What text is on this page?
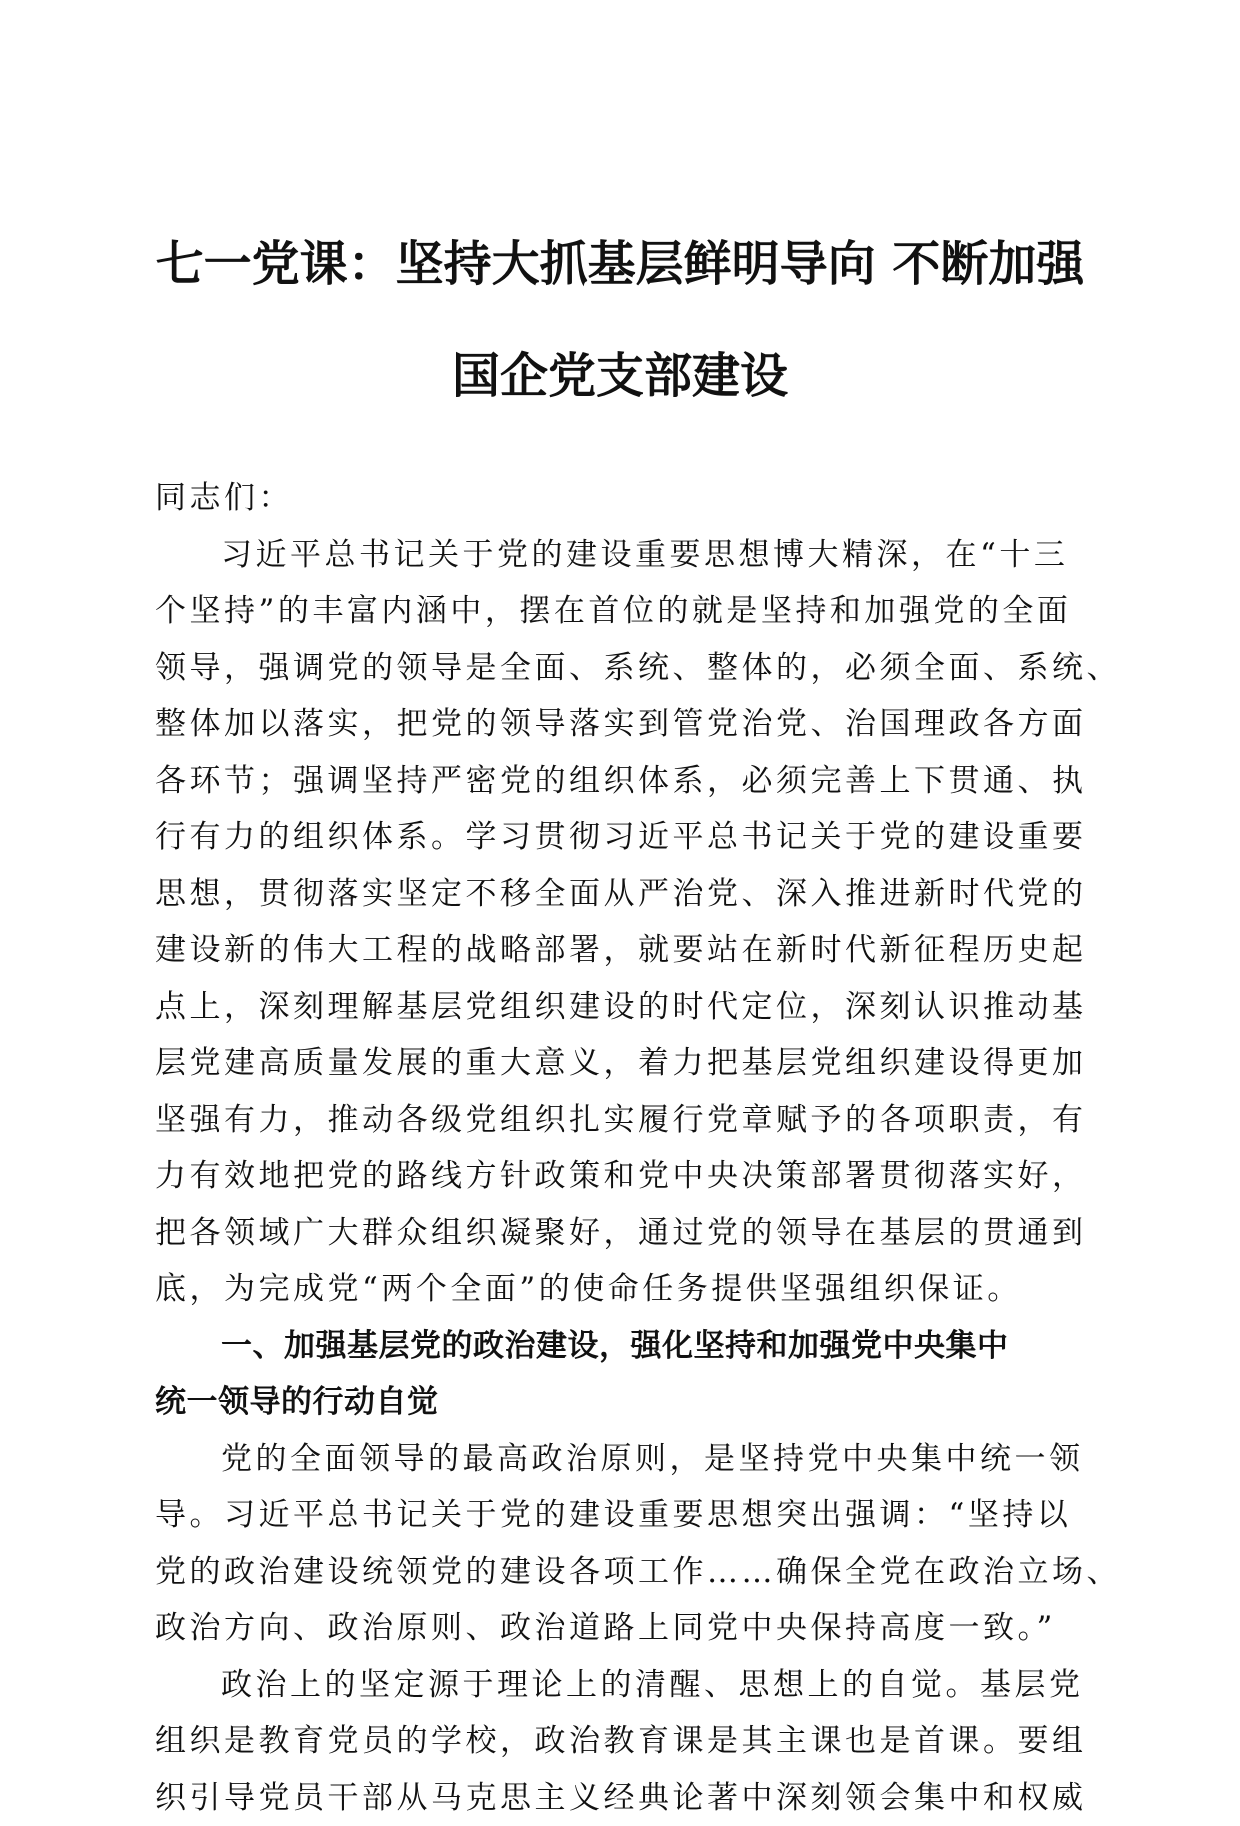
七一党课：坚持大抓基层鲜明导向 不断加强
国企党支部建设
同志们：
习近平总书记关于党的建设重要思想博大精深，在“十三
个坚持”的丰富内涵中，摆在首位的就是坚持和加强党的全面
领导，强调党的领导是全面、系统、整体的，必须全面、系统、
整体加以落实，把党的领导落实到管党治党、治国理政各方面
各环节；强调坚持严密党的组织体系，必须完善上下贯通、执
行有力的组织体系。学习贯彻习近平总书记关于党的建设重要
思想，贯彻落实坚定不移全面从严治党、深入推进新时代党的
建设新的伟大工程的战略部署，就要站在新时代新征程历史起
点上，深刻理解基层党组织建设的时代定位，深刻认识推动基
层党建高质量发展的重大意义，着力把基层党组织建设得更加
坚强有力，推动各级党组织扎实履行党章赋予的各项职责，有
力有效地把党的路线方针政策和党中央决策部署贯彻落实好，
把各领域广大群众组织凝聚好，通过党的领导在基层的贯通到
底，为完成党“两个全面”的使命任务提供坚强组织保证。
一、加强基层党的政治建设，强化坚持和加强党中央集中
统一领导的行动自觉
党的全面领导的最高政治原则，是坚持党中央集中统一领
导。习近平总书记关于党的建设重要思想突出强调：“坚持以
党的政治建设统领党的建设各项工作……确保全党在政治立场、
政治方向、政治原则、政治道路上同党中央保持高度一致。”
政治上的坚定源于理论上的清醒、思想上的自觉。基层党
组织是教育党员的学校，政治教育课是其主课也是首课。要组
织引导党员干部从马克思主义经典论著中深刻领会集中和权威
